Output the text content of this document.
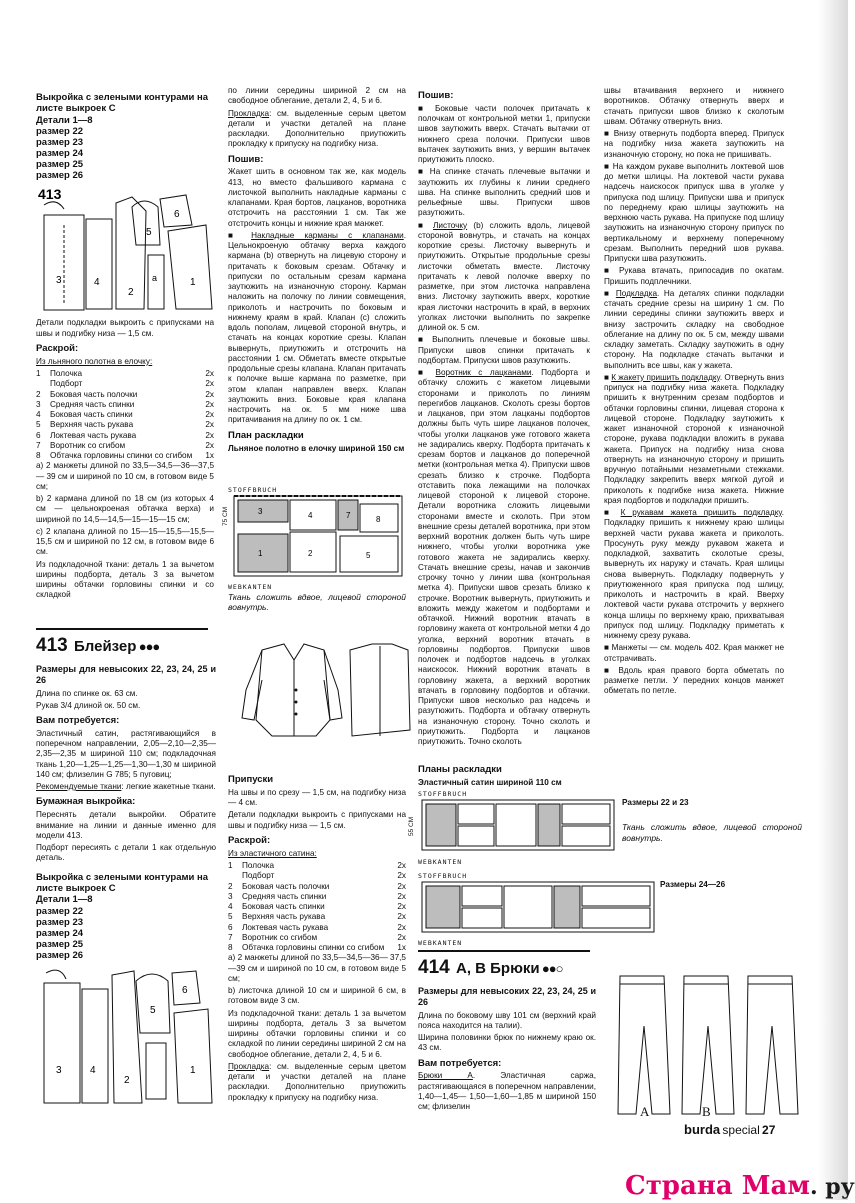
Выкройка с зелеными контурами на листе выкроек С
Детали 1—8
размер 22
размер 23
размер 24
размер 25
размер 26
413
3	4
2
5
6
1
a

Детали подкладки выкроить с припусками на швы и подгибку низа — 1,5 см.

Раскрой:

Из льняного полотна в елочку:

1 Полочка	2x
Подборт	2x
2 Боковая часть полочки	2x
3 Средняя часть спинки	2x
4 Боковая часть спинки	2x
5 Верхняя часть рукава	2x
6 Локтевая часть рукава	2x
7 Воротник со сгибом	2x
8 Обтачка горловины спинки со сгибом 1x

а) 2 манжеты длиной по 33,5—34,5—36—37,5— 39 см и шириной по 10 см, в готовом виде 5 см;

b) 2 кармана длиной по 18 см (из которых 4 см — цельнокроеная обтачка верха) и шириной по 14,5—14,5—15—15—15 см;

с) 2 клапана длиной по 15—15—15,5—15,5— 15,5 см и шириной по 12 см, в готовом виде 6 см.

Из подкладочной ткани: деталь 1 за вычетом ширины подборта, деталь 3 за вычетом ширины обтачки горловины спинки и со складкой

413 Блейзер ●●●

Размеры для невысоких 22, 23, 24, 25 и 26

Длина по спинке ок. 63 см.

Рукав 3/4 длиной ок. 50 см.

Вам потребуется:

Эластичный сатин, растягивающийся в поперечном направлении, 2,05—2,10—2,35— 2,35—2,35 м шириной 110 см; подкладочная ткань 1,20—1,25—1,25—1,30—1,30 м шириной 140 см; флизелин G 785; 5 пуговиц;

Рекомендуемые ткани: легкие жакетные ткани.

Бумажная выкройка:

Переснять детали выкройки. Обратите внимание на линии и данные именно для модели 413.

Подборт пересиять с детали 1 как отдельную деталь.

Выкройка с зелеными контурами на листе выкроек С
Детали 1—8
размер 22
размер 23
размер 24
размер 25
размер 26
3	4
2
5
6
1

по линии середины шириной 2 см на свободное облегание, детали 2, 4, 5 и 6.

Прокладка: см. выделенные серым цветом детали и участки деталей на плане раскладки. Дополнительно приутюжить прокладку к припуску на подгибку низа.

Пошив:

Жакет шить в основном так же, как модель 413, но вместо фальшивого кармана с листочкой выполнить накладные карманы с клапанами. Края бортов, лацканов, воротника отстрочить на расстоянии 1 см. Так же отстрочить концы и нижние края манжет.

■ Накладные карманы с клапанами. Цельнокроеную обтачку верха каждого кармана (b) отвернуть на лицевую сторону и притачать к боковым срезам. Обтачку и припуски по остальным срезам кармана заутюжить на изнаночную сторону. Карман наложить на полочку по линии совмещения, приколоть и настрочить по боковым и нижнему краям в край. Клапан (с) сложить вдоль пополам, лицевой стороной внутрь, и стачать на концах короткие срезы. Клапан вывернуть, приутюжить и отстрочить на расстоянии 1 см. Обметать вместе открытые продольные срезы клапана. Клапан притачать к полочке выше кармана по разметке, при этом клапан направлен вверх. Клапан заутюжить вниз. Боковые края клапана настрочить на ок. 5 мм ниже шва притачивания на длину по ок. 1 см.

План раскладки

Льняное полотно в елочку шириной 150 см

STOFFBRUCH
3	4
1	2
7	8
5
75 CM
WEBKANTEN

Ткань сложить вдвое, лицевой стороной вовнутрь.

Припуски

На швы и по срезу — 1,5 см, на подгибку низа — 4 см.

Детали подкладки выкроить с припусками на швы и подгибку низа — 1,5 см.

Раскрой:

Из эластичного сатина:

1 Полочка	2x
Подборт	2x
2 Боковая часть полочки	2x
3 Средняя часть спинки	2x
4 Боковая часть спинки	2x
5 Верхняя часть рукава	2x
6 Локтевая часть рукава	2x
7 Воротник со сгибом	2x
8 Обтачка горловины спинки со сгибом 1x

а) 2 манжеты длиной по 33,5—34,5—36— 37,5—39 см и шириной по 10 см, в готовом виде 5 см;

b) листочка длиной 10 см и шириной 6 см, в готовом виде 3 см.

Из подкладочной ткани: деталь 1 за вычетом ширины подборта, деталь 3 за вычетом ширины обтачки горловины спинки и со складкой по линии середины шириной 2 см на свободное облегание, детали 2, 4, 5 и 6.

Прокладка: см. выделенные серым цветом детали и участки деталей на плане раскладки. Дополнительно приутюжить прокладку к припуску на подгибку низа.

Пошив:

■ Боковые части полочек притачать к полочкам от контрольной метки 1, припуски швов заутюжить вверх. Стачать вытачки от нижнего среза полочки. Припуски швов вытачек заутюжить вниз, у вершин вытачек приутюжить плоско.

■ На спинке стачать плечевые вытачки и заутюжить их глубины к линии среднего шва. На спинке выполнить средний шов и рельефные швы. Припуски швов разутюжить.

■ Листочку (b) сложить вдоль, лицевой стороной вовнутрь, и стачать на концах короткие срезы. Листочку вывернуть и приутюжить. Открытые продольные срезы листочки обметать вместе. Листочку притачать к левой полочке вверху по разметке, при этом листочка направлена вниз. Листочку заутюжить вверх, короткие края листочки настрочить в край, в верхних уголках листочки выполнить по закрепке длиной ок. 5 см.

■ Выполнить плечевые и боковые швы. Припуски швов спинки притачать к подбортам. Припуски швов разутюжить.

■ Воротник с лацканами. Подборта и обтачку сложить с жакетом лицевыми сторонами и приколоть по линиям перегибов лацканов. Сколоть срезы бортов и лацканов, при этом лацканы подбортов должны быть чуть шире лацканов полочек, чтобы уголки лацканов уже готового жакета не задирались кверху. Подборта притачать к срезам бортов и лацканов до поперечной метки (контрольная метка 4). Припуски швов срезать близко к строчке. Подборта отставить пока лежащими на полочках лицевой стороной к лицевой стороне. Детали воротника сложить лицевыми сторонами вместе и сколоть. При этом внешние срезы деталей воротника, при этом верхний воротник должен быть чуть шире нижнего, чтобы уголки воротника уже готового жакета не задирались кверху. Стачать внешние срезы, начав и закончив строчку точно у линии шва (контрольная метка 4). Припуски швов срезать близко к строчке. Воротник вывернуть, приутюжить и вложить между жакетом и подбортами и обтачкой. Нижний воротник втачать в горловину жакета от контрольной метки 4 до уголка, верхний воротник втачать в горловины подбортов. Припуски швов полочек и подбортов надсечь в уголках наискосок. Нижний воротник втачать в горловину жакета, а верхний воротник втачать в горловину подбортов и обтачки. Припуски швов несколько раз надсечь и разутюжить. Подборта и обтачку отвернуть на изнаночную сторону. Точно сколоть и приутюжить. Подборта и лацканов приутюжить. Точно сколоть

Планы раскладки

Эластичный сатин шириной 110 см

STOFFBRUCH
WEBKANTEN
STOFFBRUCH
WEBKANTEN
55 CM

Размеры 22 и 23

Ткань сложить вдвое, лицевой стороной вовнутрь.

Размеры 24—26

414 А, В Брюки ●●○

Размеры для невысоких 22, 23, 24, 25 и 26

Длина по боковому шву 101 см (верхний край пояса находится на талии).

Ширина половинки брюк по нижнему краю ок. 43 см.

Вам потребуется:

Брюки А. Эластичная саржа, растягивающаяся в поперечном направлении, 1,40—1,45— 1,50—1,60—1,85 м шириной 150 см; флизелин	A	B

швы втачивания верхнего и нижнего воротников. Обтачку отвернуть вверх и стачать припуски швов близко к сколотым швам. Обтачку отвернуть вниз.

■ Внизу отвернуть подборта вперед. Припуск на подгибку низа жакета заутюжить на изнаночную сторону, но пока не пришивать.

■ На каждом рукаве выполнить локтевой шов до метки шлицы. На локтевой части рукава надсечь наискосок припуск шва в уголке у припуска под шлицу. Припуски шва и припуск по переднему краю шлицы заутюжить на верхнюю часть рукава. На припуске под шлицу заутюжить на изнаночную сторону припуск по вертикальному и верхнему поперечному срезам. Выполнить передний шов рукава. Припуски шва разутюжить.

■ Рукава втачать, припосадив по окатам. Пришить подплечники.

■ Подкладка. На деталях спинки подкладки стачать средние срезы на ширину 1 см. По линии середины спинки заутюжить вверх и внизу застрочить складку на свободное облегание на длину по ок. 5 см, между швами складку заметать. Складку заутюжить в одну сторону. На подкладке стачать вытачки и выполнить все швы, как у жакета.

■ К жакету пришить подкладку. Отвернуть вниз припуск на подгибку низа жакета. Подкладку пришить к внутренним срезам подбортов и обтачки горловины спинки, лицевая сторона к лицевой стороне. Подкладку заутюжить к жакет изнаночной стороной к изнаночной стороне, рукава подкладки вложить в рукава жакета. Припуск на подгибку низа снова отвернуть на изнаночную сторону и пришить вручную потайными незаметными стежками. Подкладку закрепить вверх мягкой дугой и приколоть к подгибке низа жакета. Нижние края подбортов и подкладки пришить.

■ К рукавам жакета пришить подкладку. Подкладку пришить к нижнему краю шлицы верхней части рукава жакета и приколоть. Просунуть руку между рукавом жакета и подкладкой, захватить сколотые срезы, вывернуть их наружу и стачать. Края шлицы снова вывернуть. Подкладку подвернуть у приутюженного края припуска под шлицу, приколоть и настрочить в край. Вверху локтевой части рукава отстрочить у верхнего конца шлицы по верхнему краю, прихватывая припуск под шлицу. Подкладку приметать к нижнему срезу рукава.

■ Манжеты — см. модель 402. Края манжет не отстрачивать.

■ Вдоль края правого борта обметать по разметке петли. У передних концов манжет обметать по петле.

burda special 27
Страна Мам. ру
